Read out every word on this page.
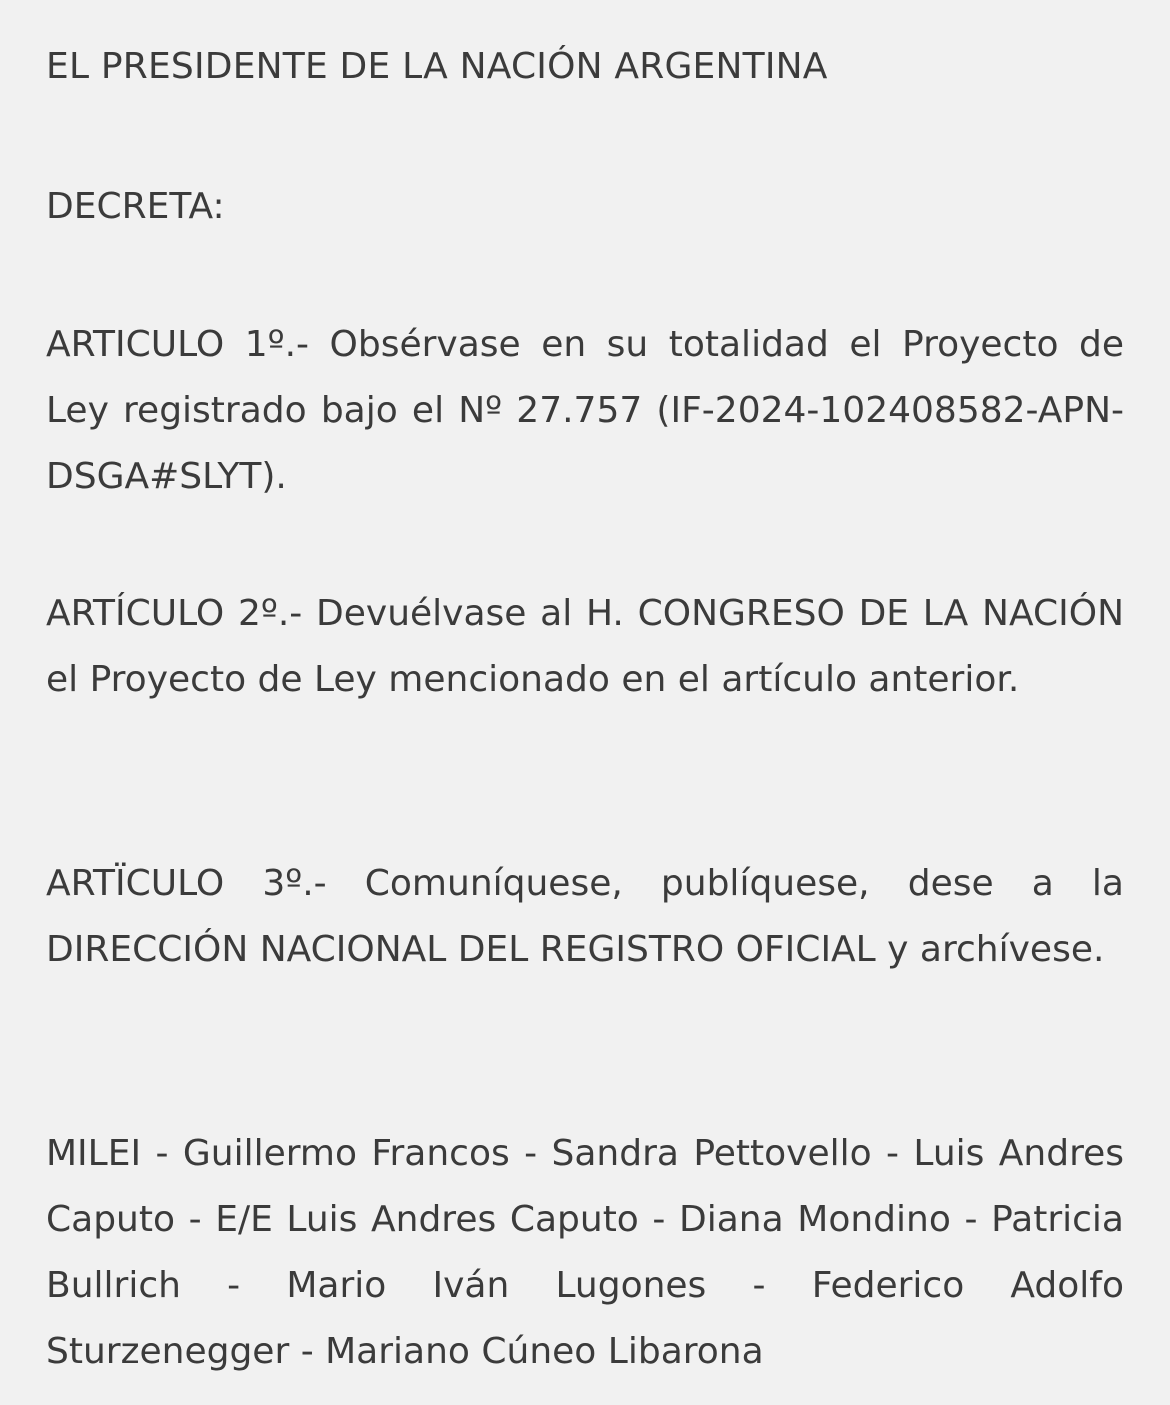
EL PRESIDENTE DE LA NACIÓN ARGENTINA

DECRETA:

ARTICULO 1º.- Obsérvase en su totalidad el Proyecto de Ley registrado bajo el Nº 27.757 (IF-2024-102408582-APN-DSGA#SLYT).

ARTÍCULO 2º.- Devuélvase al H. CONGRESO DE LA NACIÓN el Proyecto de Ley mencionado en el artículo anterior.

ARTÏCULO 3º.- Comuníquese, publíquese, dese a la DIRECCIÓN NACIONAL DEL REGISTRO OFICIAL y archívese.

MILEI - Guillermo Francos - Sandra Pettovello - Luis Andres Caputo - E/E Luis Andres Caputo - Diana Mondino - Patricia Bullrich - Mario Iván Lugones - Federico Adolfo Sturzenegger - Mariano Cúneo Libarona
